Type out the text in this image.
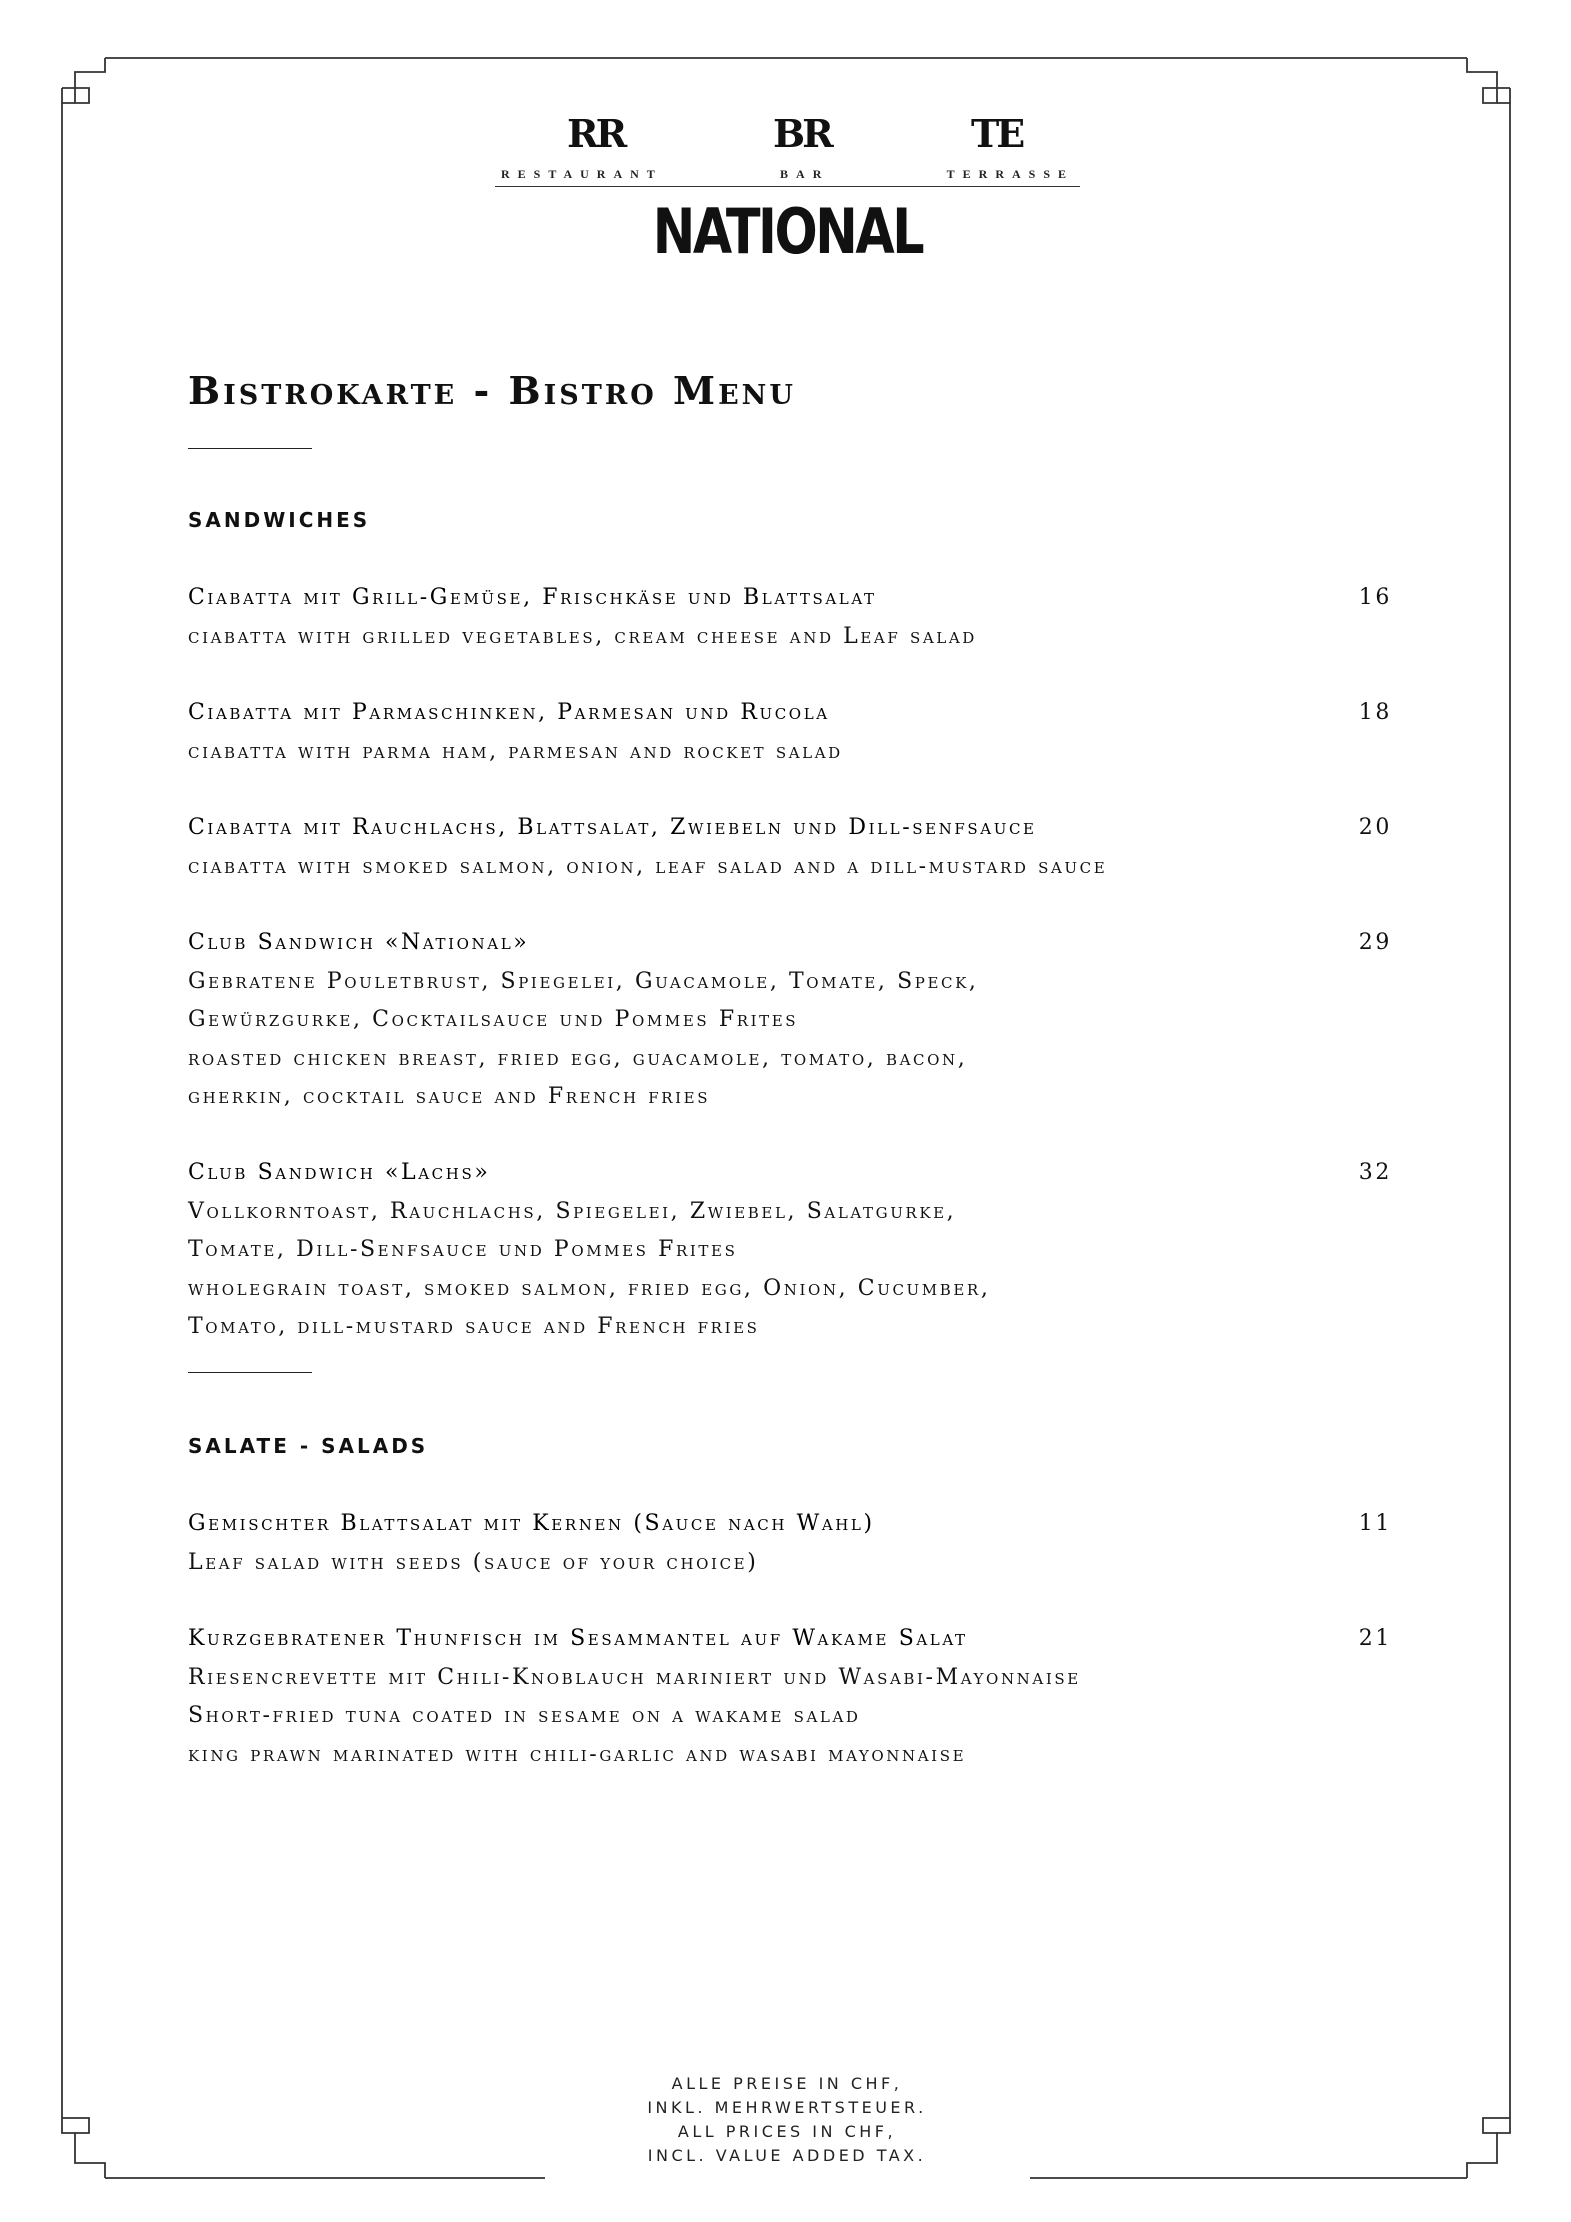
RR	BR	TE
RESTAURANT	BAR	TERRASSE
NATIONAL
Bistrokarte - Bistro Menu
SANDWICHES
Ciabatta mit Grill-Gemüse, Frischkäse und Blattsalat
ciabatta with grilled vegetables, cream cheese and Leaf salad
16
Ciabatta mit Parmaschinken, Parmesan und Rucola
ciabatta with parma ham, parmesan and rocket salad
18
Ciabatta mit Rauchlachs, Blattsalat, Zwiebeln und Dill-senfsauce
ciabatta with smoked salmon, onion, leaf salad and a dill-mustard sauce
20
Club Sandwich «National»
Gebratene Pouletbrust, Spiegelei, Guacamole, Tomate, Speck,
Gewürzgurke, Cocktailsauce und Pommes Frites
roasted chicken breast, fried egg, guacamole, tomato, bacon,
gherkin, cocktail sauce and French fries
29
Club Sandwich «Lachs»
Vollkorntoast, Rauchlachs, Spiegelei, Zwiebel, Salatgurke,
Tomate, Dill-Senfsauce und Pommes Frites
wholegrain toast, smoked salmon, fried egg, Onion, Cucumber,
Tomato, dill-mustard sauce and French fries
32
SALATE - SALADS
Gemischter Blattsalat mit Kernen (Sauce nach Wahl)
Leaf salad with seeds (sauce of your choice)
11
Kurzgebratener Thunfisch im Sesammantel auf Wakame Salat
Riesencrevette mit Chili-Knoblauch mariniert und Wasabi-Mayonnaise
Short-fried tuna coated in sesame on a wakame salad
king prawn marinated with chili-garlic and wasabi mayonnaise
21
ALLE PREISE IN CHF,
INKL. MEHRWERTSTEUER.
ALL PRICES IN CHF,
INCL. VALUE ADDED TAX.
